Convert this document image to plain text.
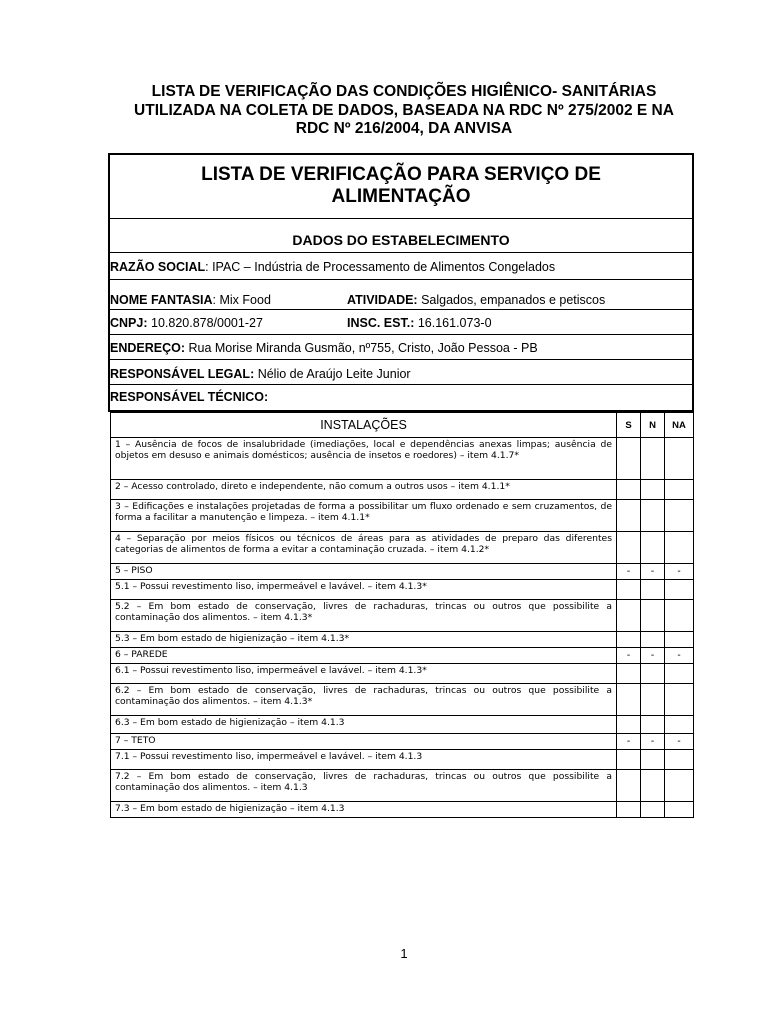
LISTA DE VERIFICAÇÃO DAS CONDIÇÕES HIGIÊNICO- SANITÁRIAS
UTILIZADA NA COLETA DE DADOS, BASEADA NA RDC Nº 275/2002 E NA
RDC Nº 216/2004, DA ANVISA
LISTA DE VERIFICAÇÃO PARA SERVIÇO DE
ALIMENTAÇÃO
DADOS DO ESTABELECIMENTO
RAZÃO SOCIAL: IPAC – Indústria de Processamento de Alimentos Congelados
NOME FANTASIA: Mix Food	ATIVIDADE: Salgados, empanados e petiscos
CNPJ: 10.820.878/0001-27	INSC. EST.: 16.161.073-0
ENDEREÇO: Rua Morise Miranda Gusmão, nº755, Cristo, João Pessoa - PB
RESPONSÁVEL LEGAL: Nélio de Araújo Leite Junior
RESPONSÁVEL TÉCNICO:
INSTALAÇÕES	S	N	NA
1 – Ausência de focos de insalubridade (imediações, local e dependências anexas limpas; ausência de objetos em desuso e animais domésticos; ausência de insetos e roedores) – item 4.1.7*			
2 – Acesso controlado, direto e independente, não comum a outros usos – item 4.1.1*			
3 – Edificações e instalações projetadas de forma a possibilitar um fluxo ordenado e sem cruzamentos, de forma a facilitar a manutenção e limpeza. – item 4.1.1*			
4 – Separação por meios físicos ou técnicos de áreas para as atividades de preparo das diferentes categorias de alimentos de forma a evitar a contaminação cruzada. – item 4.1.2*			
5 – PISO	-	-	-
5.1 – Possui revestimento liso, impermeável e lavável. – item 4.1.3*			
5.2 – Em bom estado de conservação, livres de rachaduras, trincas ou outros que possibilite a contaminação dos alimentos. – item 4.1.3*			
5.3 – Em bom estado de higienização – item 4.1.3*			
6 – PAREDE	-	-	-
6.1 – Possui revestimento liso, impermeável e lavável. – item 4.1.3*			
6.2 – Em bom estado de conservação, livres de rachaduras, trincas ou outros que possibilite a contaminação dos alimentos. – item 4.1.3*			
6.3 – Em bom estado de higienização – item 4.1.3			
7 – TETO	-	-	-
7.1 – Possui revestimento liso, impermeável e lavável. – item 4.1.3			
7.2 – Em bom estado de conservação, livres de rachaduras, trincas ou outros que possibilite a contaminação dos alimentos. – item 4.1.3			
7.3 – Em bom estado de higienização – item 4.1.3			
1
